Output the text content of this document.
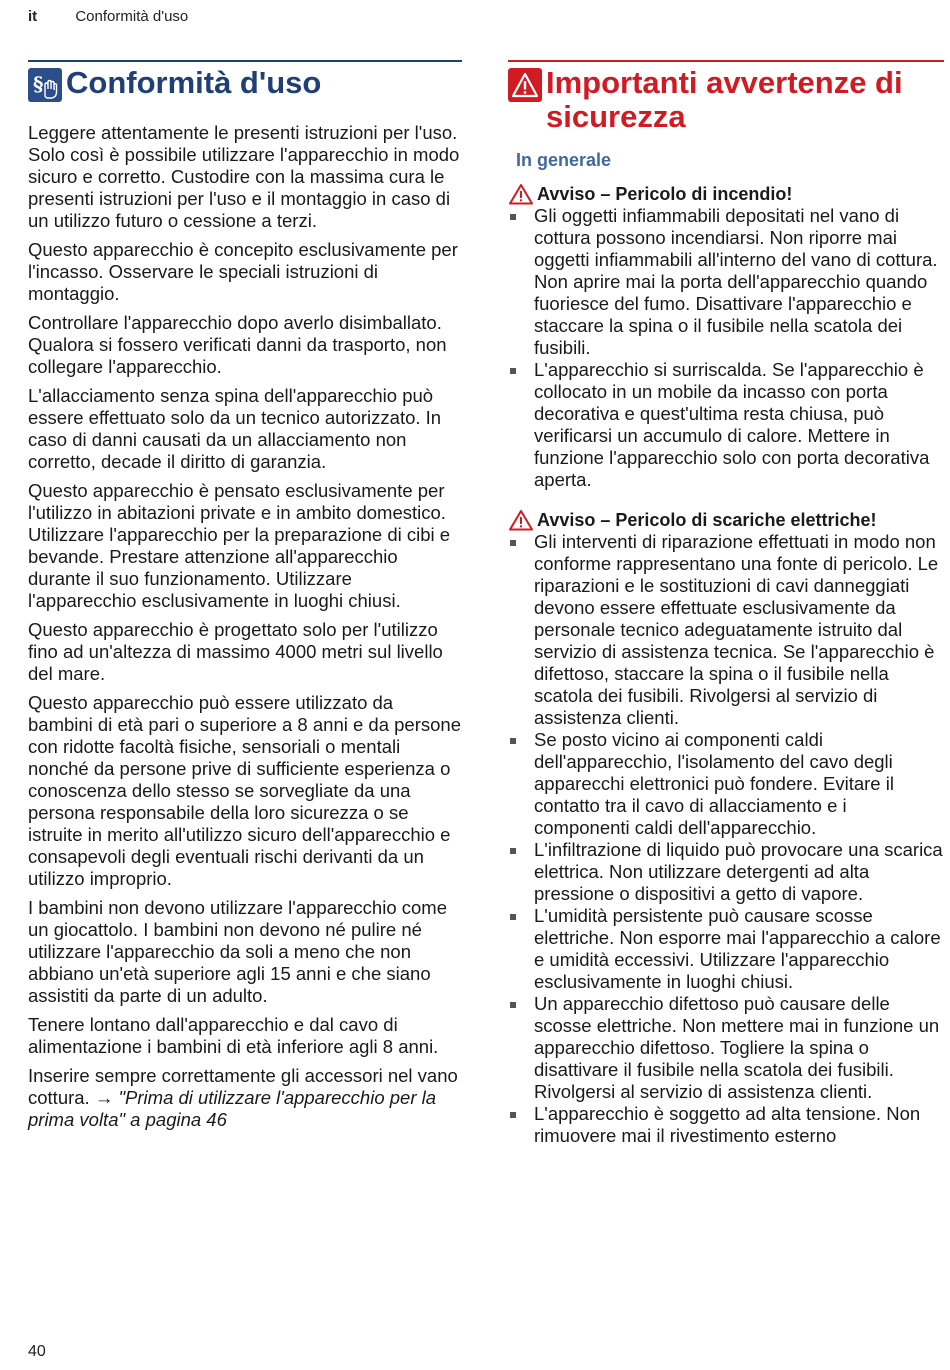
it	Conformità d'uso
§ Conformità d'uso

Leggere attentamente le presenti istruzioni per l'uso. Solo così è possibile utilizzare l'apparecchio in modo sicuro e corretto. Custodire con la massima cura le presenti istruzioni per l'uso e il montaggio in caso di un utilizzo futuro o cessione a terzi.

Questo apparecchio è concepito esclusivamente per l'incasso. Osservare le speciali istruzioni di montaggio.

Controllare l'apparecchio dopo averlo disimballato. Qualora si fossero verificati danni da trasporto, non collegare l'apparecchio.

L'allacciamento senza spina dell'apparecchio può essere effettuato solo da un tecnico autorizzato. In caso di danni causati da un allacciamento non corretto, decade il diritto di garanzia.

Questo apparecchio è pensato esclusivamente per l'utilizzo in abitazioni private e in ambito domestico. Utilizzare l'apparecchio per la preparazione di cibi e bevande. Prestare attenzione all'apparecchio durante il suo funzionamento. Utilizzare l'apparecchio esclusivamente in luoghi chiusi.

Questo apparecchio è progettato solo per l'utilizzo fino ad un'altezza di massimo 4000 metri sul livello del mare.

Questo apparecchio può essere utilizzato da bambini di età pari o superiore a 8 anni e da persone con ridotte facoltà fisiche, sensoriali o mentali nonché da persone prive di sufficiente esperienza o conoscenza dello stesso se sorvegliate da una persona responsabile della loro sicurezza o se istruite in merito all'utilizzo sicuro dell'apparecchio e consapevoli degli eventuali rischi derivanti da un utilizzo improprio.

I bambini non devono utilizzare l'apparecchio come un giocattolo. I bambini non devono né pulire né utilizzare l'apparecchio da soli a meno che non abbiano un'età superiore agli 15 anni e che siano assistiti da parte di un adulto.

Tenere lontano dall'apparecchio e dal cavo di alimentazione i bambini di età inferiore agli 8 anni.

Inserire sempre correttamente gli accessori nel vano cottura. → "Prima di utilizzare l'apparecchio per la prima volta" a pagina 46

Importanti avvertenze di sicurezza
In generale
Avviso – Pericolo di incendio!
Gli oggetti infiammabili depositati nel vano di cottura possono incendiarsi. Non riporre mai oggetti infiammabili all'interno del vano di cottura. Non aprire mai la porta dell'apparecchio quando fuoriesce del fumo. Disattivare l'apparecchio e staccare la spina o il fusibile nella scatola dei fusibili.
L'apparecchio si surriscalda. Se l'apparecchio è collocato in un mobile da incasso con porta decorativa e quest'ultima resta chiusa, può verificarsi un accumulo di calore. Mettere in funzione l'apparecchio solo con porta decorativa aperta.
Avviso – Pericolo di scariche elettriche!
Gli interventi di riparazione effettuati in modo non conforme rappresentano una fonte di pericolo. Le riparazioni e le sostituzioni di cavi danneggiati devono essere effettuate esclusivamente da personale tecnico adeguatamente istruito dal servizio di assistenza tecnica. Se l'apparecchio è difettoso, staccare la spina o il fusibile nella scatola dei fusibili. Rivolgersi al servizio di assistenza clienti.
Se posto vicino ai componenti caldi dell'apparecchio, l'isolamento del cavo degli apparecchi elettronici può fondere. Evitare il contatto tra il cavo di allacciamento e i componenti caldi dell'apparecchio.
L'infiltrazione di liquido può provocare una scarica elettrica. Non utilizzare detergenti ad alta pressione o dispositivi a getto di vapore.
L'umidità persistente può causare scosse elettriche. Non esporre mai l'apparecchio a calore e umidità eccessivi. Utilizzare l'apparecchio esclusivamente in luoghi chiusi.
Un apparecchio difettoso può causare delle scosse elettriche. Non mettere mai in funzione un apparecchio difettoso. Togliere la spina o disattivare il fusibile nella scatola dei fusibili. Rivolgersi al servizio di assistenza clienti.
L'apparecchio è soggetto ad alta tensione. Non rimuovere mai il rivestimento esterno
40
